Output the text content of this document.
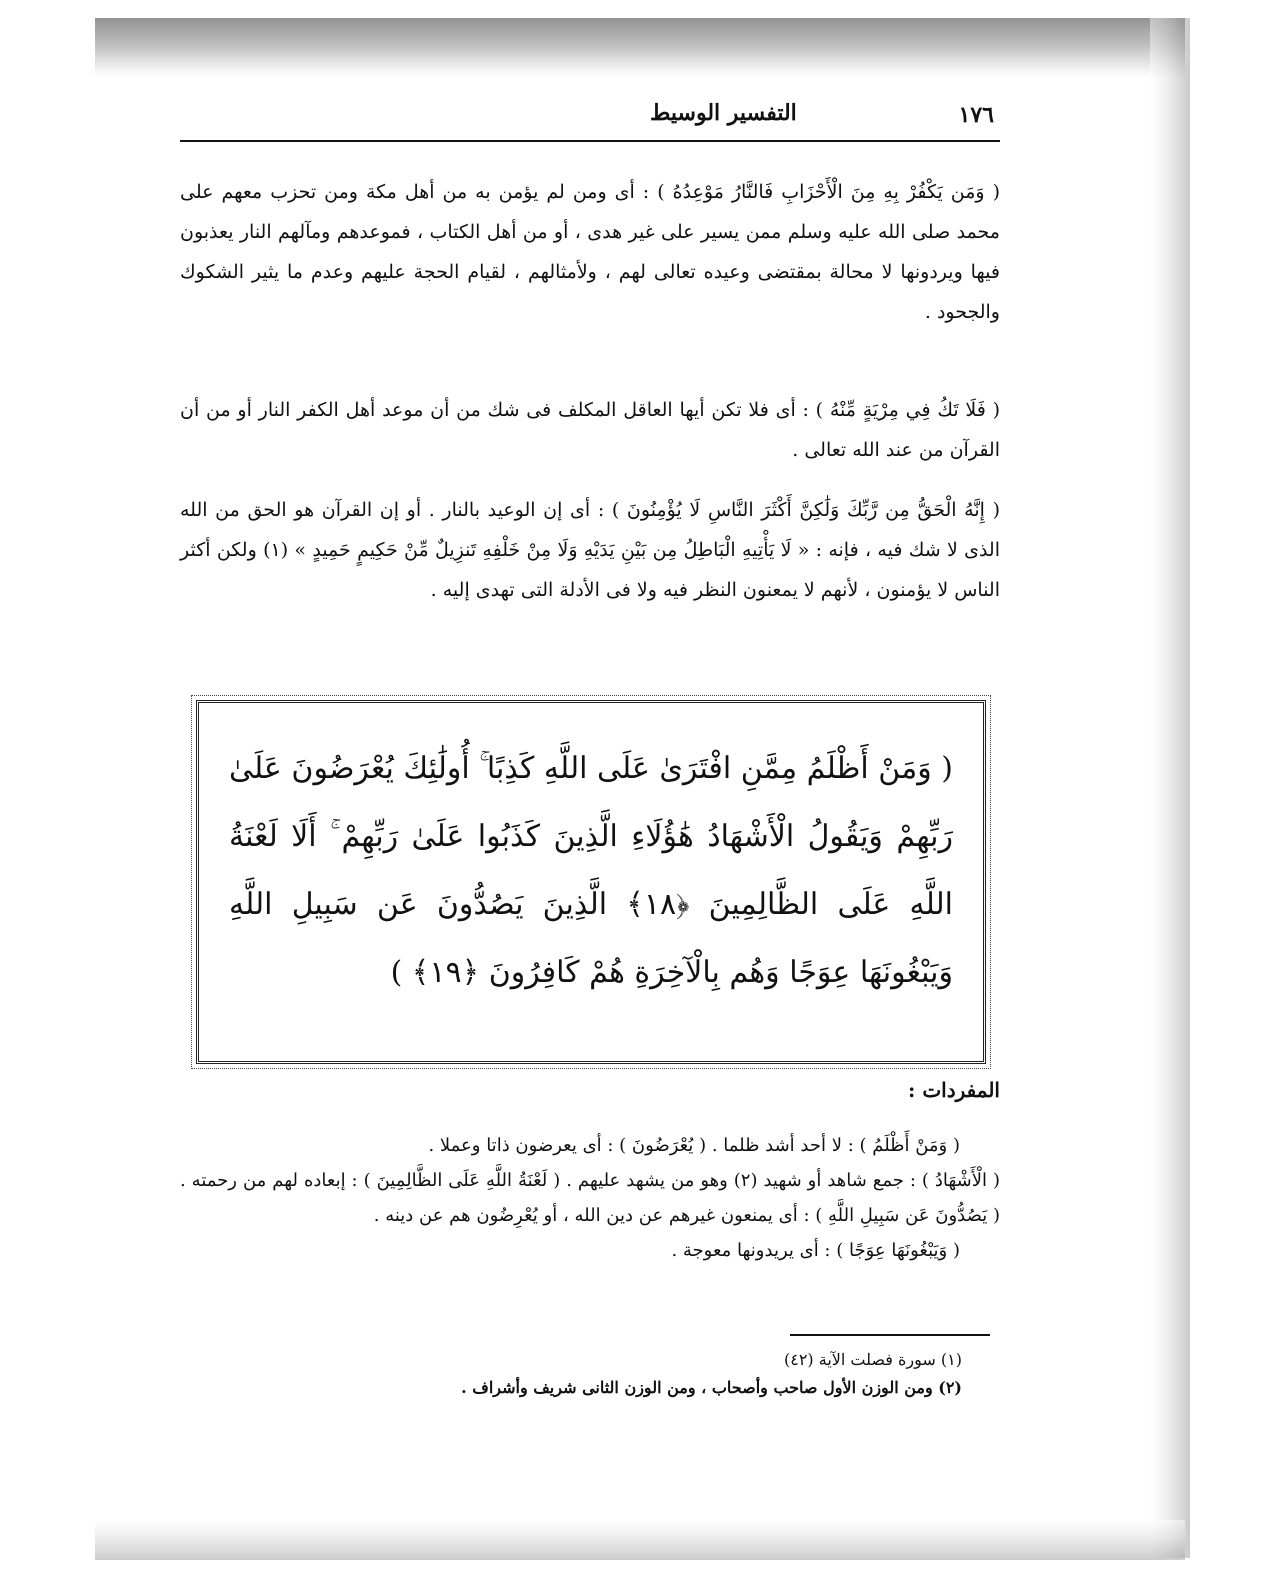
١٧٦
التفسير الوسيط

( وَمَن يَكْفُرْ بِهِ مِنَ الْأَحْزَابِ فَالنَّارُ مَوْعِدُهُ ) : أى ومن لم يؤمن به من أهل مكة ومن تحزب معهم على محمد صلى الله عليه وسلم ممن يسير على غير هدى ، أو من أهل الكتاب ، فموعدهم ومآلهم النار يعذبون فيها ويردونها لا محالة بمقتضى وعيده تعالى لهم ، ولأمثالهم ، لقيام الحجة عليهم وعدم ما يثير الشكوك والجحود .

( فَلَا تَكُ فِي مِرْيَةٍ مِّنْهُ ) : أى فلا تكن أيها العاقل المكلف فى شك من أن موعد أهل الكفر النار أو من أن القرآن من عند الله تعالى .

( إِنَّهُ الْحَقُّ مِن رَّبِّكَ وَلَٰكِنَّ أَكْثَرَ النَّاسِ لَا يُؤْمِنُونَ ) : أى إن الوعيد بالنار . أو إن القرآن هو الحق من الله الذى لا شك فيه ، فإنه : « لَا يَأْتِيهِ الْبَاطِلُ مِن بَيْنِ يَدَيْهِ وَلَا مِنْ خَلْفِهِ تَنزِيلٌ مِّنْ حَكِيمٍ حَمِيدٍ » (١) ولكن أكثر الناس لا يؤمنون ، لأنهم لا يمعنون النظر فيه ولا فى الأدلة التى تهدى إليه .

( وَمَنْ أَظْلَمُ مِمَّنِ افْتَرَىٰ عَلَى اللَّهِ كَذِبًا ۚ أُولَٰئِكَ يُعْرَضُونَ عَلَىٰ رَبِّهِمْ وَيَقُولُ الْأَشْهَادُ هَٰؤُلَاءِ الَّذِينَ كَذَبُوا عَلَىٰ رَبِّهِمْ ۚ أَلَا لَعْنَةُ اللَّهِ عَلَى الظَّالِمِينَ ﴿١٨﴾ الَّذِينَ يَصُدُّونَ عَن سَبِيلِ اللَّهِ وَيَبْغُونَهَا عِوَجًا وَهُم بِالْآخِرَةِ هُمْ كَافِرُونَ ﴿١٩﴾ )
المفردات :

( وَمَنْ أَظْلَمُ ) : لا أحد أشد ظلما . ( يُعْرَضُونَ ) : أى يعرضون ذاتا وعملا .

( الْأَشْهَادُ ) : جمع شاهد أو شهيد (٢) وهو من يشهد عليهم . ( لَعْنَةُ اللَّهِ عَلَى الظَّالِمِينَ ) : إبعاده لهم من رحمته . ( يَصُدُّونَ عَن سَبِيلِ اللَّهِ ) : أى يمنعون غيرهم عن دين الله ، أو يُعْرِضُون هم عن دينه .

( وَيَبْغُونَهَا عِوَجًا ) : أى يريدونها معوجة .

(١) سورة فصلت الآية (٤٢)

(٢) ومن الوزن الأول صاحب وأصحاب ، ومن الوزن الثانى شريف وأشراف .
